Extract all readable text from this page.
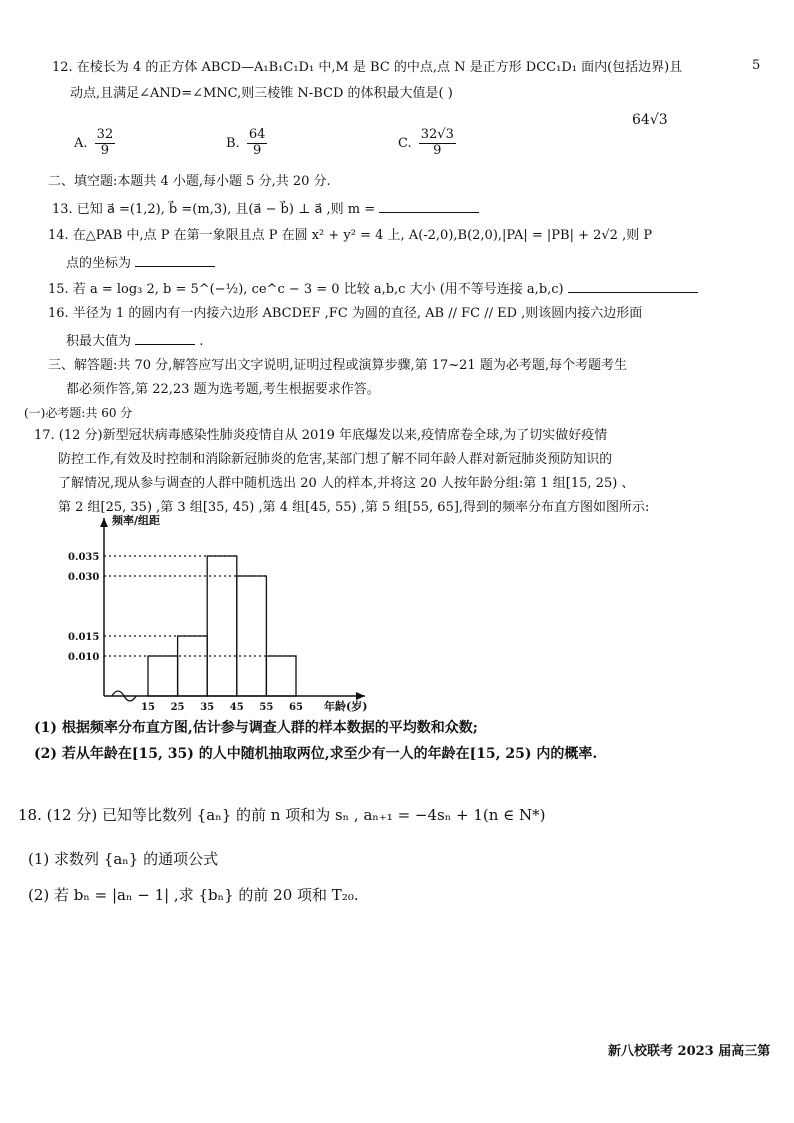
12. 在棱长为 4 的正方体 ABCD—A₁B₁C₁D₁ 中,M 是 BC 的中点,点 N 是正方形 DCC₁D₁ 面内(包括边界)且	5
动点,且满足∠AND=∠MNC,则三棱锥 N-BCD 的体积最大值是( )
A. $\frac{32}{9}$	B. $\frac{64}{9}$	C. $\frac{32√3}{9}$
64√3
二、填空题:本题共 4 小题,每小题 5 分,共 20 分.
13. 已知 a⃗ =(1,2), b⃗ =(m,3), 且(a⃗ − b⃗) ⊥ a⃗ ,则 m =
14. 在△PAB 中,点 P 在第一象限且点 P 在圆 x² + y² = 4 上, A(-2,0),B(2,0),|PA| = |PB| + 2√2 ,则 P
点的坐标为
15. 若 a = log₃ 2, b = 5^(−½), ce^c − 3 = 0 比较 a,b,c 大小 (用不等号连接 a,b,c)
16. 半径为 1 的圆内有一内接六边形 ABCDEF ,FC 为圆的直径, AB // FC // ED ,则该圆内接六边形面
积最大值为	.
三、解答题:共 70 分,解答应写出文字说明,证明过程或演算步骤,第 17~21 题为必考题,每个考题考生
都必须作答,第 22,23 题为选考题,考生根据要求作答。
(一)必考题:共 60 分
17. (12 分)新型冠状病毒感染性肺炎疫情自从 2019 年底爆发以来,疫情席卷全球,为了切实做好疫情
防控工作,有效及时控制和消除新冠肺炎的危害,某部门想了解不同年龄人群对新冠肺炎预防知识的
了解情况,现从参与调查的人群中随机选出 20 人的样本,并将这 20 人按年龄分组:第 1 组[15, 25) 、
第 2 组[25, 35) ,第 3 组[35, 45) ,第 4 组[45, 55) ,第 5 组[55, 65],得到的频率分布直方图如图所示:
0.010
0.015
0.030
0.035
15 25 35 45 55 65
频率/组距
年龄(岁)
(1) 根据频率分布直方图,估计参与调查人群的样本数据的平均数和众数;
(2) 若从年龄在[15, 35) 的人中随机抽取两位,求至少有一人的年龄在[15, 25) 内的概率.
18. (12 分) 已知等比数列 {aₙ} 的前 n 项和为 sₙ , aₙ₊₁ = −4sₙ + 1(n ∈ N*)
(1) 求数列 {aₙ} 的通项公式
(2) 若 bₙ = |aₙ − 1| ,求 {bₙ} 的前 20 项和 T₂₀.
新八校联考 2023 届高三第
